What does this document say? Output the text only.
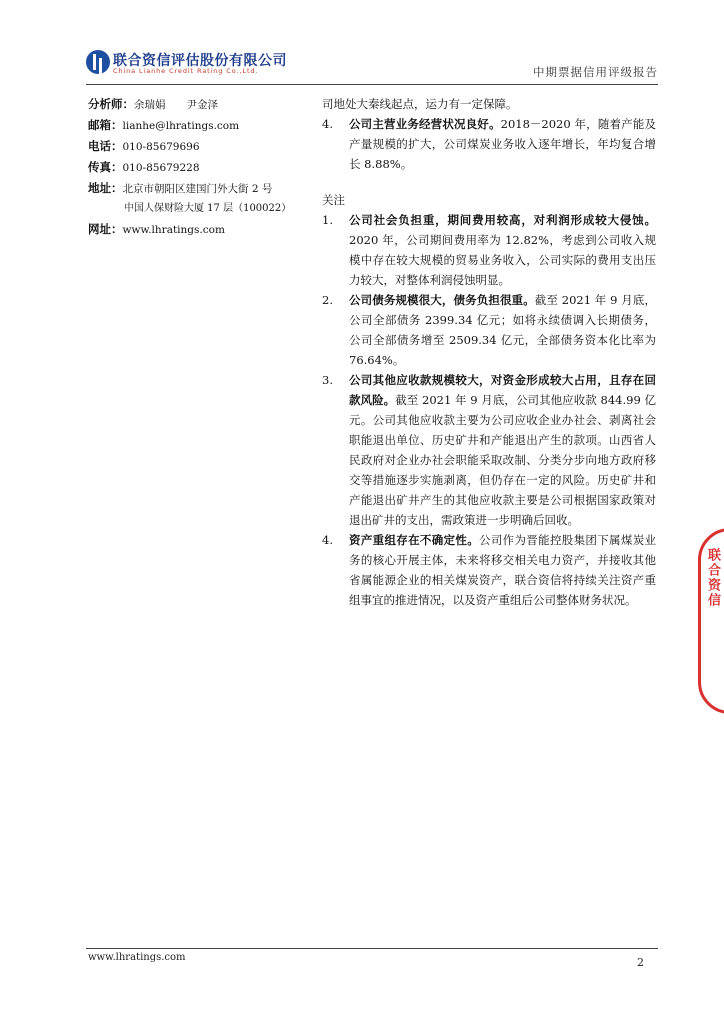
联合资信评估股份有限公司
China Lianhe Credit Rating Co.,Ltd.	中期票据信用评级报告
分析师：余瑞娟　　尹金泽
邮箱：lianhe@lhratings.com
电话：010-85679696
传真：010-85679228
地址：北京市朝阳区建国门外大街 2 号
中国人保财险大厦 17 层（100022）
网址：www.lhratings.com

司地处大秦线起点，运力有一定保障。

4. 公司主营业务经营状况良好。2018－2020 年，随着产能及产量规模的扩大，公司煤炭业务收入逐年增长，年均复合增长 8.88%。

关注

1. 公司社会负担重，期间费用较高，对利润形成较大侵蚀。2020 年，公司期间费用率为 12.82%，考虑到公司收入规模中存在较大规模的贸易业务收入，公司实际的费用支出压力较大，对整体利润侵蚀明显。
2. 公司债务规模很大，债务负担很重。截至 2021 年 9 月底，公司全部债务 2399.34 亿元；如将永续债调入长期债务，公司全部债务增至 2509.34 亿元，全部债务资本化比率为 76.64%。
3. 公司其他应收款规模较大，对资金形成较大占用，且存在回款风险。截至 2021 年 9 月底，公司其他应收款 844.99 亿元。公司其他应收款主要为公司应收企业办社会、剥离社会职能退出单位、历史矿井和产能退出产生的款项。山西省人民政府对企业办社会职能采取改制、分类分步向地方政府移交等措施逐步实施剥离，但仍存在一定的风险。历史矿井和产能退出矿井产生的其他应收款主要是公司根据国家政策对退出矿井的支出，需政策进一步明确后回收。
4. 资产重组存在不确定性。公司作为晋能控股集团下属煤炭业务的核心开展主体，未来将移交相关电力资产，并接收其他省属能源企业的相关煤炭资产，联合资信将持续关注资产重组事宜的推进情况，以及资产重组后公司整体财务状况。	联合资信
www.lhratings.com	2
